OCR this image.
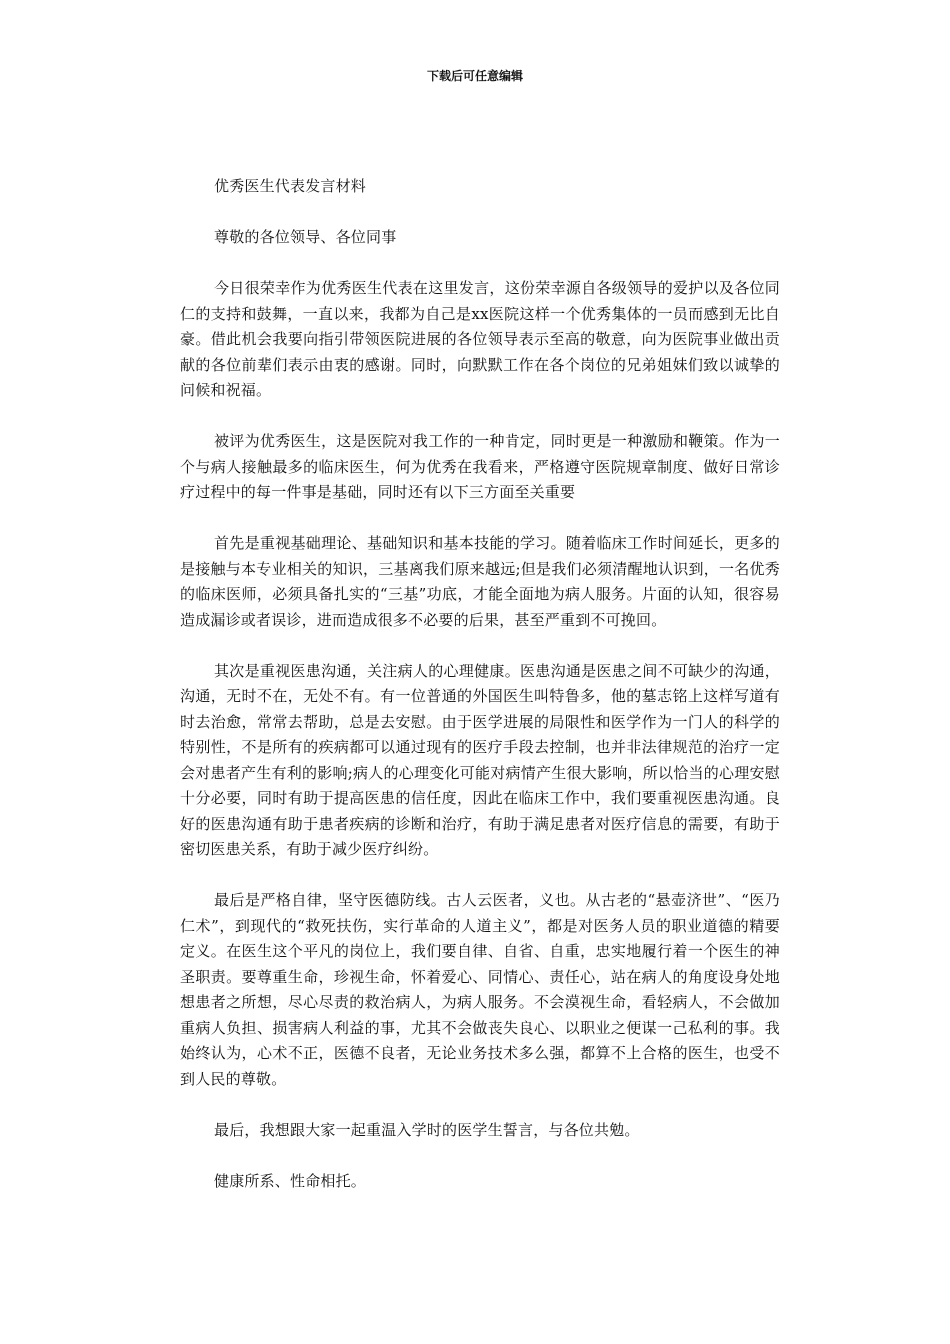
下载后可任意编辑

优秀医生代表发言材料

尊敬的各位领导、各位同事

今日很荣幸作为优秀医生代表在这里发言，这份荣幸源自各级领导的爱护以及各位同仁的支持和鼓舞，一直以来，我都为自己是xx医院这样一个优秀集体的一员而感到无比自豪。借此机会我要向指引带领医院进展的各位领导表示至高的敬意，向为医院事业做出贡献的各位前辈们表示由衷的感谢。同时，向默默工作在各个岗位的兄弟姐妹们致以诚挚的问候和祝福。

被评为优秀医生，这是医院对我工作的一种肯定，同时更是一种激励和鞭策。作为一个与病人接触最多的临床医生，何为优秀在我看来，严格遵守医院规章制度、做好日常诊疗过程中的每一件事是基础，同时还有以下三方面至关重要

首先是重视基础理论、基础知识和基本技能的学习。随着临床工作时间延长，更多的是接触与本专业相关的知识，三基离我们原来越远;但是我们必须清醒地认识到，一名优秀的临床医师，必须具备扎实的“三基”功底，才能全面地为病人服务。片面的认知，很容易造成漏诊或者误诊，进而造成很多不必要的后果，甚至严重到不可挽回。

其次是重视医患沟通，关注病人的心理健康。医患沟通是医患之间不可缺少的沟通，沟通，无时不在，无处不有。有一位普通的外国医生叫特鲁多，他的墓志铭上这样写道有时去治愈，常常去帮助，总是去安慰。由于医学进展的局限性和医学作为一门人的科学的特别性，不是所有的疾病都可以通过现有的医疗手段去控制，也并非法律规范的治疗一定会对患者产生有利的影响;病人的心理变化可能对病情产生很大影响，所以恰当的心理安慰十分必要，同时有助于提高医患的信任度，因此在临床工作中，我们要重视医患沟通。良好的医患沟通有助于患者疾病的诊断和治疗，有助于满足患者对医疗信息的需要，有助于密切医患关系，有助于减少医疗纠纷。

最后是严格自律，坚守医德防线。古人云医者，义也。从古老的“悬壶济世”、“医乃仁术”，到现代的“救死扶伤，实行革命的人道主义”，都是对医务人员的职业道德的精要定义。在医生这个平凡的岗位上，我们要自律、自省、自重，忠实地履行着一个医生的神圣职责。要尊重生命，珍视生命，怀着爱心、同情心、责任心，站在病人的角度设身处地想患者之所想，尽心尽责的救治病人，为病人服务。不会漠视生命，看轻病人，不会做加重病人负担、损害病人利益的事，尤其不会做丧失良心、以职业之便谋一己私利的事。我始终认为，心术不正，医德不良者，无论业务技术多么强，都算不上合格的医生，也受不到人民的尊敬。

最后，我想跟大家一起重温入学时的医学生誓言，与各位共勉。

健康所系、性命相托。
